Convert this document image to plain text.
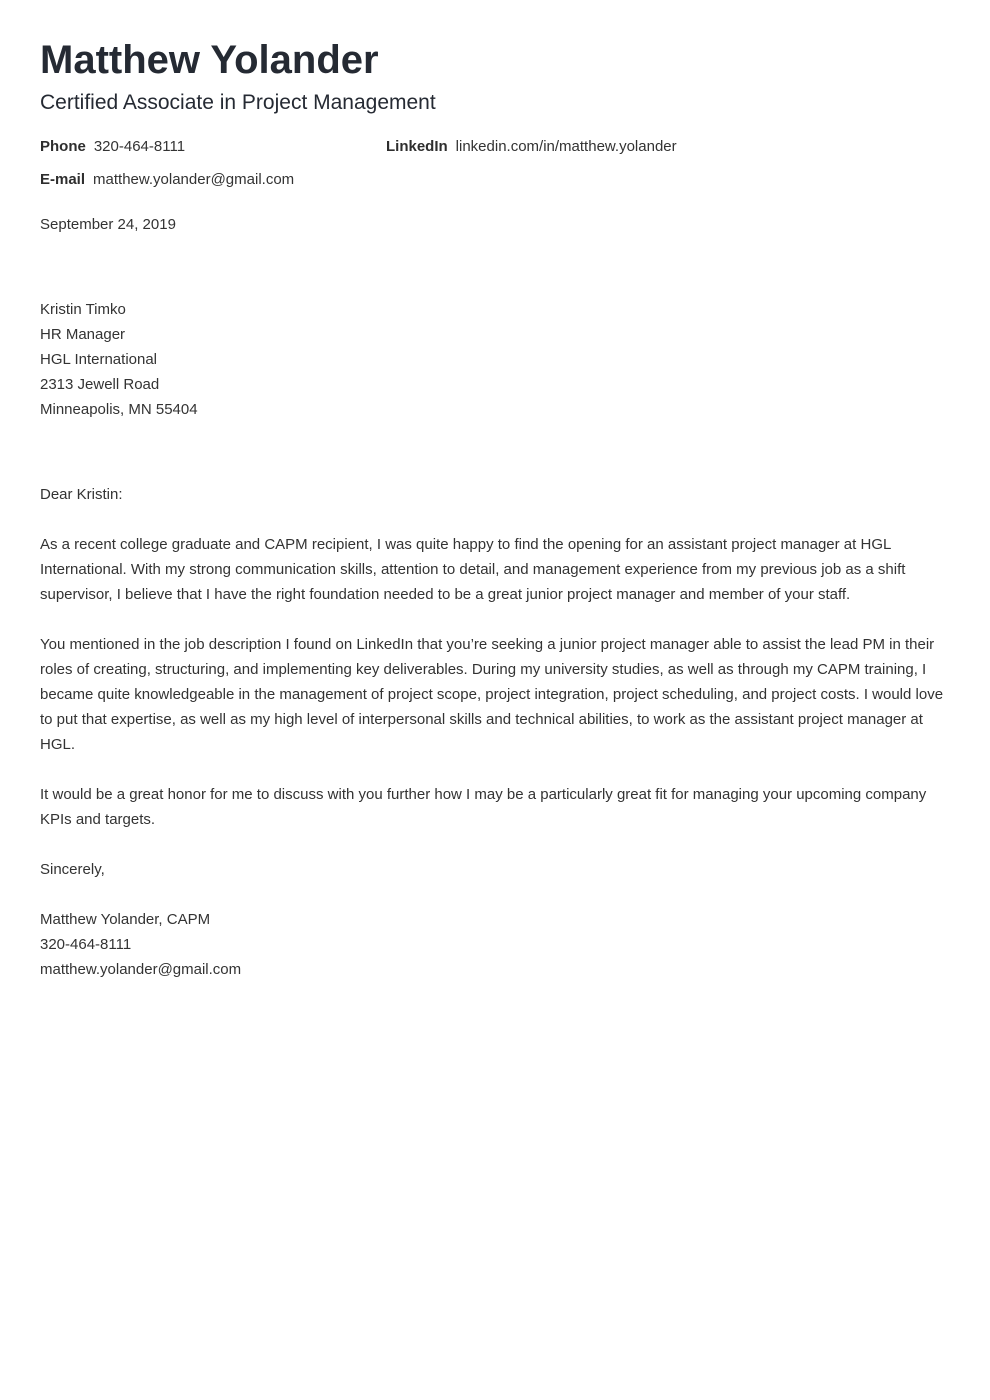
Matthew Yolander
Certified Associate in Project Management
Phone 320-464-8111	LinkedIn linkedin.com/in/matthew.yolander
E-mail matthew.yolander@gmail.com
September 24, 2019
Kristin Timko
HR Manager
HGL International
2313 Jewell Road
Minneapolis, MN 55404
Dear Kristin:
As a recent college graduate and CAPM recipient, I was quite happy to find the opening for an assistant project manager at HGL International. With my strong communication skills, attention to detail, and management experience from my previous job as a shift supervisor, I believe that I have the right foundation needed to be a great junior project manager and member of your staff.
You mentioned in the job description I found on LinkedIn that you’re seeking a junior project manager able to assist the lead PM in their roles of creating, structuring, and implementing key deliverables. During my university studies, as well as through my CAPM training, I became quite knowledgeable in the management of project scope, project integration, project scheduling, and project costs. I would love to put that expertise, as well as my high level of interpersonal skills and technical abilities, to work as the assistant project manager at HGL.
It would be a great honor for me to discuss with you further how I may be a particularly great fit for managing your upcoming company KPIs and targets.
Sincerely,
Matthew Yolander, CAPM
320-464-8111
matthew.yolander@gmail.com
